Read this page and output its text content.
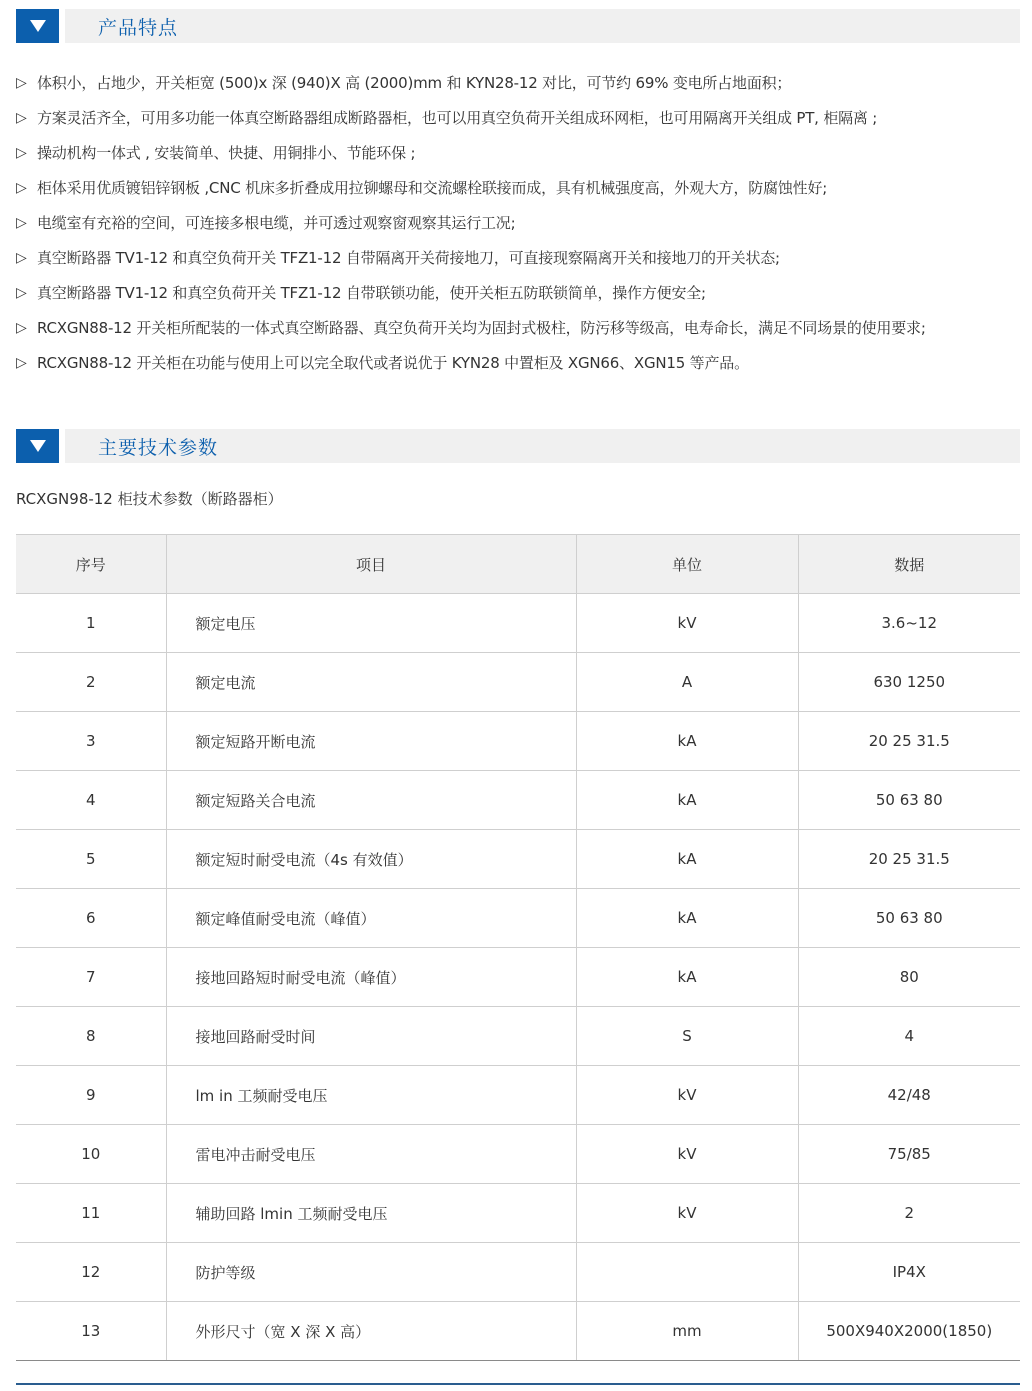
产品特点
▷ 体积小，占地少，开关柜宽 (500)x 深 (940)X 高 (2000)mm 和 KYN28-12 对比，可节约 69% 变电所占地面积；
▷ 方案灵活齐全，可用多功能一体真空断路器组成断路器柜，也可以用真空负荷开关组成环网柜，也可用隔离开关组成 PT, 柜隔离 ;
▷ 操动机构一体式 , 安装简单、快捷、用铜排小、节能环保 ;
▷ 柜体采用优质镀铝锌钢板 ,CNC 机床多折叠成用拉铆螺母和交流螺栓联接而成，具有机械强度高，外观大方，防腐蚀性好;
▷ 电缆室有充裕的空间，可连接多根电缆，并可透过观察窗观察其运行工况;
▷ 真空断路器 TV1-12 和真空负荷开关 TFZ1-12 自带隔离开关荷接地刀，可直接现察隔离开关和接地刀的开关状态;
▷ 真空断路器 TV1-12 和真空负荷开关 TFZ1-12 自带联锁功能，使开关柜五防联锁简单，操作方便安全;
▷ RCXGN88-12 开关柜所配装的一体式真空断路器、真空负荷开关均为固封式极柱，防污移等级高，电寿命长，满足不同场景的使用要求;
▷ RCXGN88-12 开关柜在功能与使用上可以完全取代或者说优于 KYN28 中置柜及 XGN66、XGN15 等产品。
主要技术参数
RCXGN98-12 柜技术参数（断路器柜）
序号	项目	单位	数据
1	额定电压	kV	3.6~12
2	额定电流	A	630 1250
3	额定短路开断电流	kA	20 25 31.5
4	额定短路关合电流	kA	50 63 80
5	额定短时耐受电流（4s 有效值）	kA	20 25 31.5
6	额定峰值耐受电流（峰值）	kA	50 63 80
7	接地回路短时耐受电流（峰值）	kA	80
8	接地回路耐受时间	S	4
9	lm in 工频耐受电压	kV	42/48
10	雷电冲击耐受电压	kV	75/85
11	辅助回路 lmin 工频耐受电压	kV	2
12	防护等级		IP4X
13	外形尺寸（宽 X 深 X 高）	mm	500X940X2000(1850)
